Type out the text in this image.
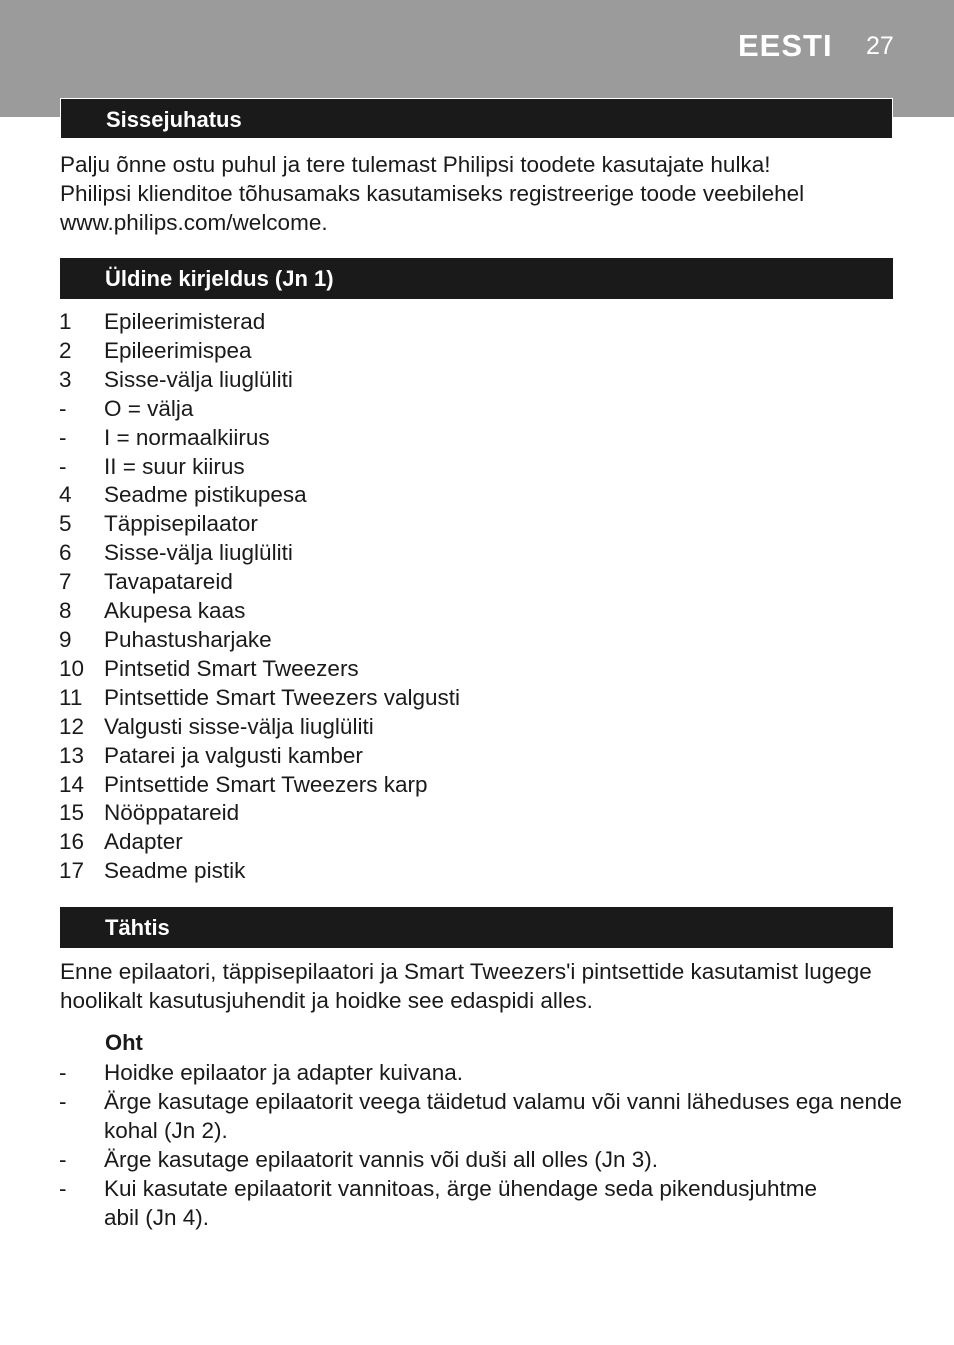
EESTI 27
Sissejuhatus
Palju õnne ostu puhul ja tere tulemast Philipsi toodete kasutajate hulka!
Philipsi klienditoe tõhusamaks kasutamiseks registreerige toode veebilehel
www.philips.com/welcome.
Üldine kirjeldus (Jn 1)
1 Epileerimisterad
2 Epileerimispea
3 Sisse-välja liuglüliti
- O = välja
- I = normaalkiirus
- II = suur kiirus
4 Seadme pistikupesa
5 Täppisepilaator
6 Sisse-välja liuglüliti
7 Tavapatareid
8 Akupesa kaas
9 Puhastusharjake
10 Pintsetid Smart Tweezers
11 Pintsettide Smart Tweezers valgusti
12 Valgusti sisse-välja liuglüliti
13 Patarei ja valgusti kamber
14 Pintsettide Smart Tweezers karp
15 Nööppatareid
16 Adapter
17 Seadme pistik
Tähtis
Enne epilaatori, täppisepilaatori ja Smart Tweezers'i pintsettide kasutamist lugege
hoolikalt kasutusjuhendit ja hoidke see edaspidi alles.
Oht
- Hoidke epilaator ja adapter kuivana.
- Ärge kasutage epilaatorit veega täidetud valamu või vanni läheduses ega nende
kohal (Jn 2).
- Ärge kasutage epilaatorit vannis või duši all olles (Jn 3).
- Kui kasutate epilaatorit vannitoas, ärge ühendage seda pikendusjuhtme
abil (Jn 4).
